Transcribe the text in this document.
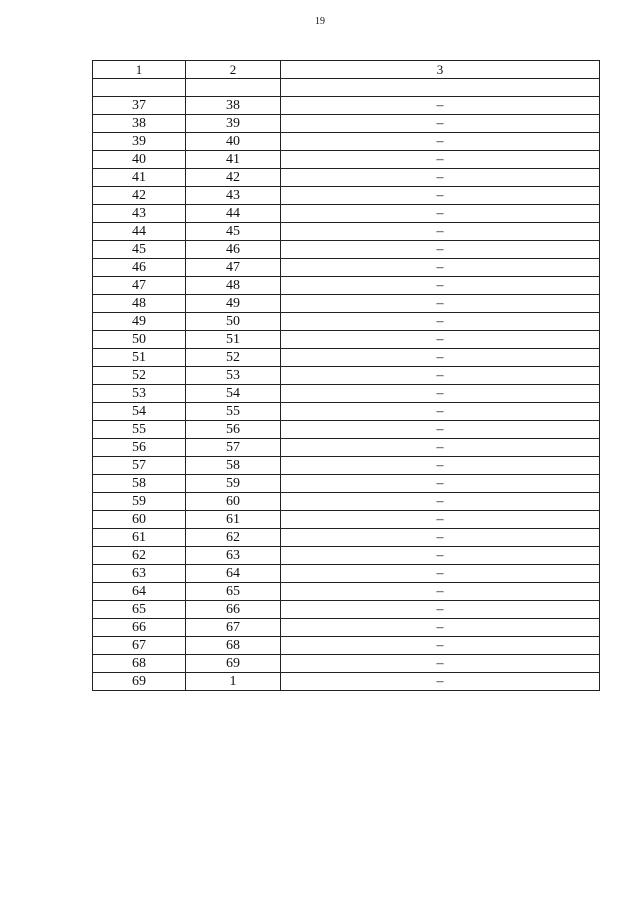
19
1	2	3

37	38	–
38	39	–
39	40	–
40	41	–
41	42	–
42	43	–
43	44	–
44	45	–
45	46	–
46	47	–
47	48	–
48	49	–
49	50	–
50	51	–
51	52	–
52	53	–
53	54	–
54	55	–
55	56	–
56	57	–
57	58	–
58	59	–
59	60	–
60	61	–
61	62	–
62	63	–
63	64	–
64	65	–
65	66	–
66	67	–
67	68	–
68	69	–
69	1	–
